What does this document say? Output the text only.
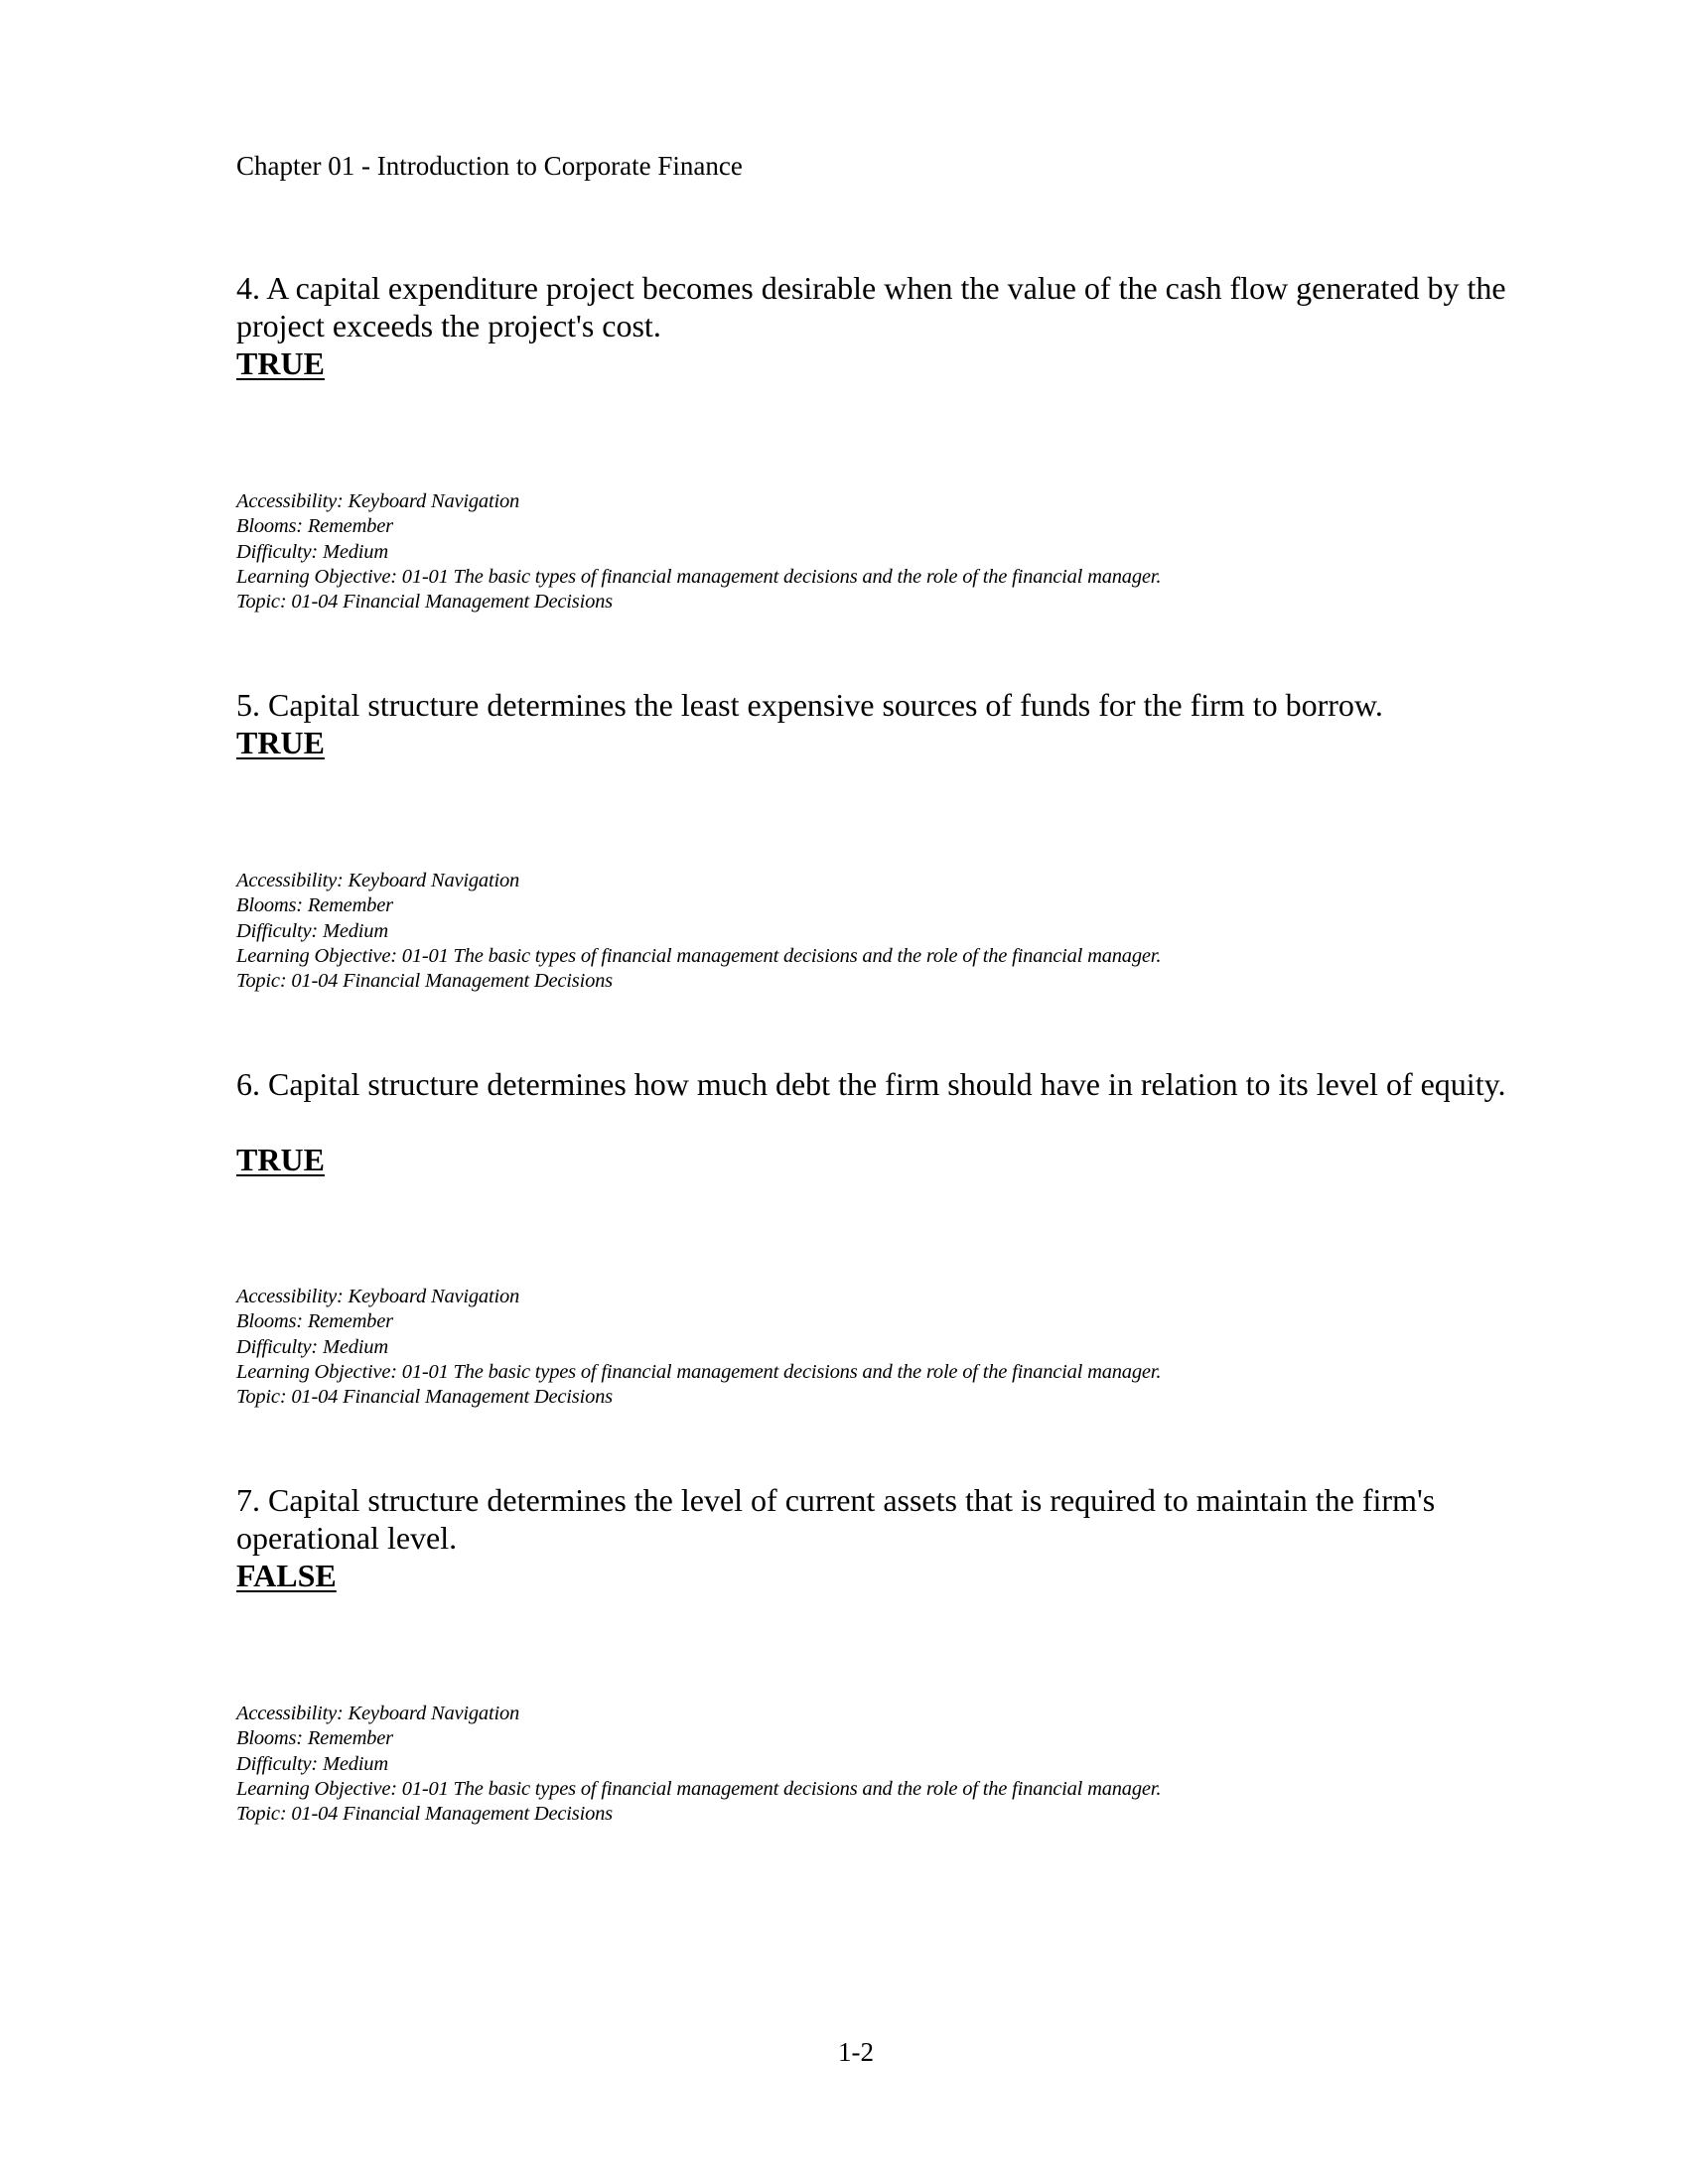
Chapter 01 - Introduction to Corporate Finance
4. A capital expenditure project becomes desirable when the value of the cash flow generated by the project exceeds the project's cost.
TRUE
Accessibility: Keyboard Navigation
Blooms: Remember
Difficulty: Medium
Learning Objective: 01-01 The basic types of financial management decisions and the role of the financial manager.
Topic: 01-04 Financial Management Decisions
5. Capital structure determines the least expensive sources of funds for the firm to borrow.
TRUE
Accessibility: Keyboard Navigation
Blooms: Remember
Difficulty: Medium
Learning Objective: 01-01 The basic types of financial management decisions and the role of the financial manager.
Topic: 01-04 Financial Management Decisions
6. Capital structure determines how much debt the firm should have in relation to its level of equity.
TRUE
Accessibility: Keyboard Navigation
Blooms: Remember
Difficulty: Medium
Learning Objective: 01-01 The basic types of financial management decisions and the role of the financial manager.
Topic: 01-04 Financial Management Decisions
7. Capital structure determines the level of current assets that is required to maintain the firm's operational level.
FALSE
Accessibility: Keyboard Navigation
Blooms: Remember
Difficulty: Medium
Learning Objective: 01-01 The basic types of financial management decisions and the role of the financial manager.
Topic: 01-04 Financial Management Decisions
1-2
